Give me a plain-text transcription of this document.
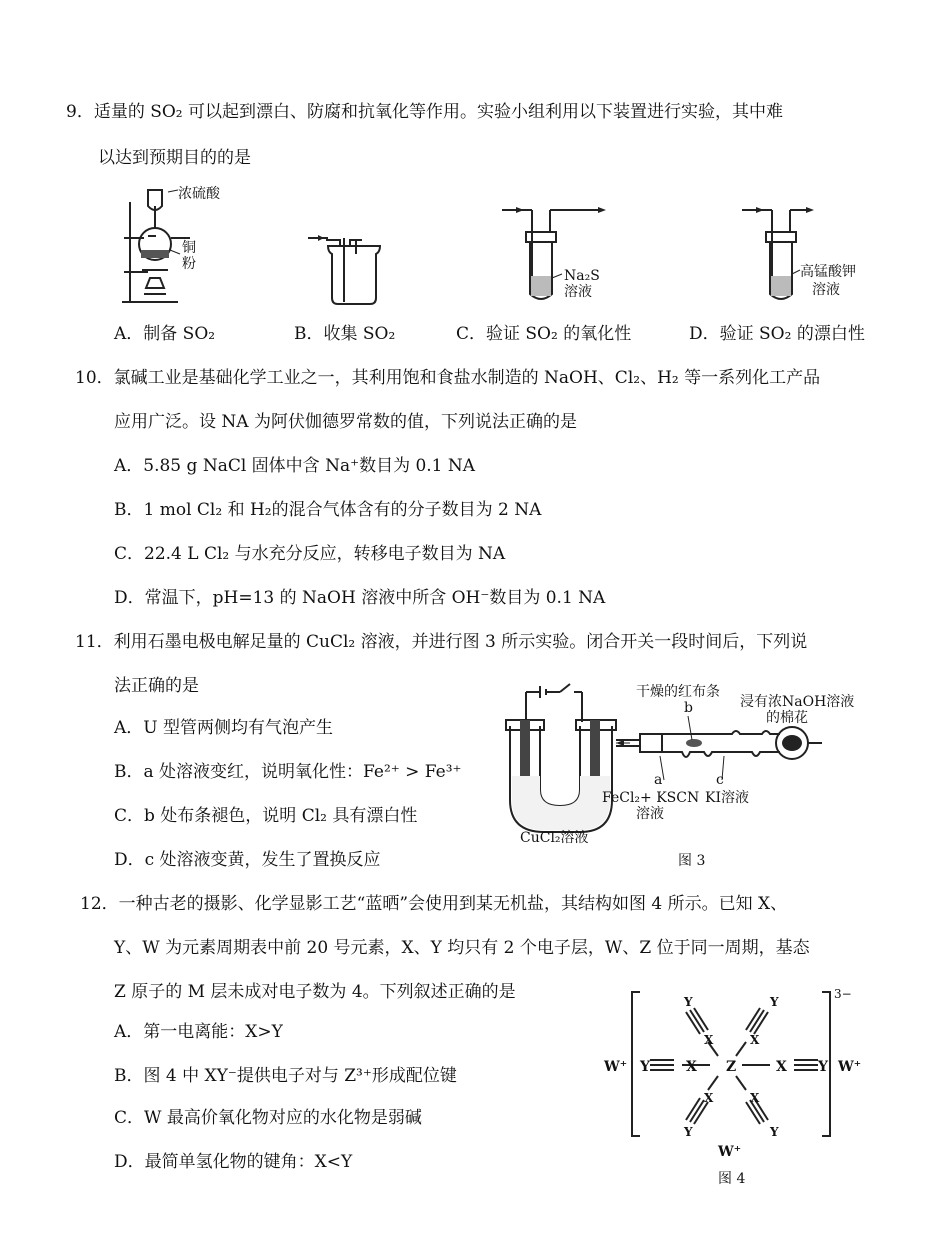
9．适量的 SO₂ 可以起到漂白、防腐和抗氧化等作用。实验小组利用以下装置进行实验，其中难
以达到预期目的的是
浓硫酸
铜
粉
Na₂S
溶液
高锰酸钾
溶液
A．制备 SO₂	B．收集 SO₂	C．验证 SO₂ 的氧化性	D．验证 SO₂ 的漂白性
10．氯碱工业是基础化学工业之一，其利用饱和食盐水制造的 NaOH、Cl₂、H₂ 等一系列化工产品
应用广泛。设 NA 为阿伏伽德罗常数的值，下列说法正确的是
A．5.85 g NaCl 固体中含 Na⁺数目为 0.1 NA
B．1 mol Cl₂ 和 H₂的混合气体含有的分子数目为 2 NA
C．22.4 L Cl₂ 与水充分反应，转移电子数目为 NA
D．常温下，pH=13 的 NaOH 溶液中所含 OH⁻数目为 0.1 NA
11．利用石墨电极电解足量的 CuCl₂ 溶液，并进行图 3 所示实验。闭合开关一段时间后，下列说
法正确的是
A．U 型管两侧均有气泡产生
B．a 处溶液变红，说明氧化性：Fe²⁺ > Fe³⁺
C．b 处布条褪色，说明 Cl₂ 具有漂白性
D．c 处溶液变黄，发生了置换反应
干燥的红布条
浸有浓NaOH溶液
的棉花
b
a	c
FeCl₂+ KSCN
溶液
KI溶液
CuCl₂溶液
图 3
12．一种古老的摄影、化学显影工艺“蓝晒”会使用到某无机盐，其结构如图 4 所示。已知 X、
Y、W 为元素周期表中前 20 号元素，X、Y 均只有 2 个电子层，W、Z 位于同一周期，基态
Z 原子的 M 层未成对电子数为 4。下列叙述正确的是
A．第一电离能：X>Y
B．图 4 中 XY⁻提供电子对与 Z³⁺形成配位键
C．W 最高价氧化物对应的水化物是弱碱
D．最简单氢化物的键角：X<Y
3−
W⁺	W⁺
W⁺
Z
X	X
Y	Y
X	X
X	X
Y	Y
Y	Y
图 4
